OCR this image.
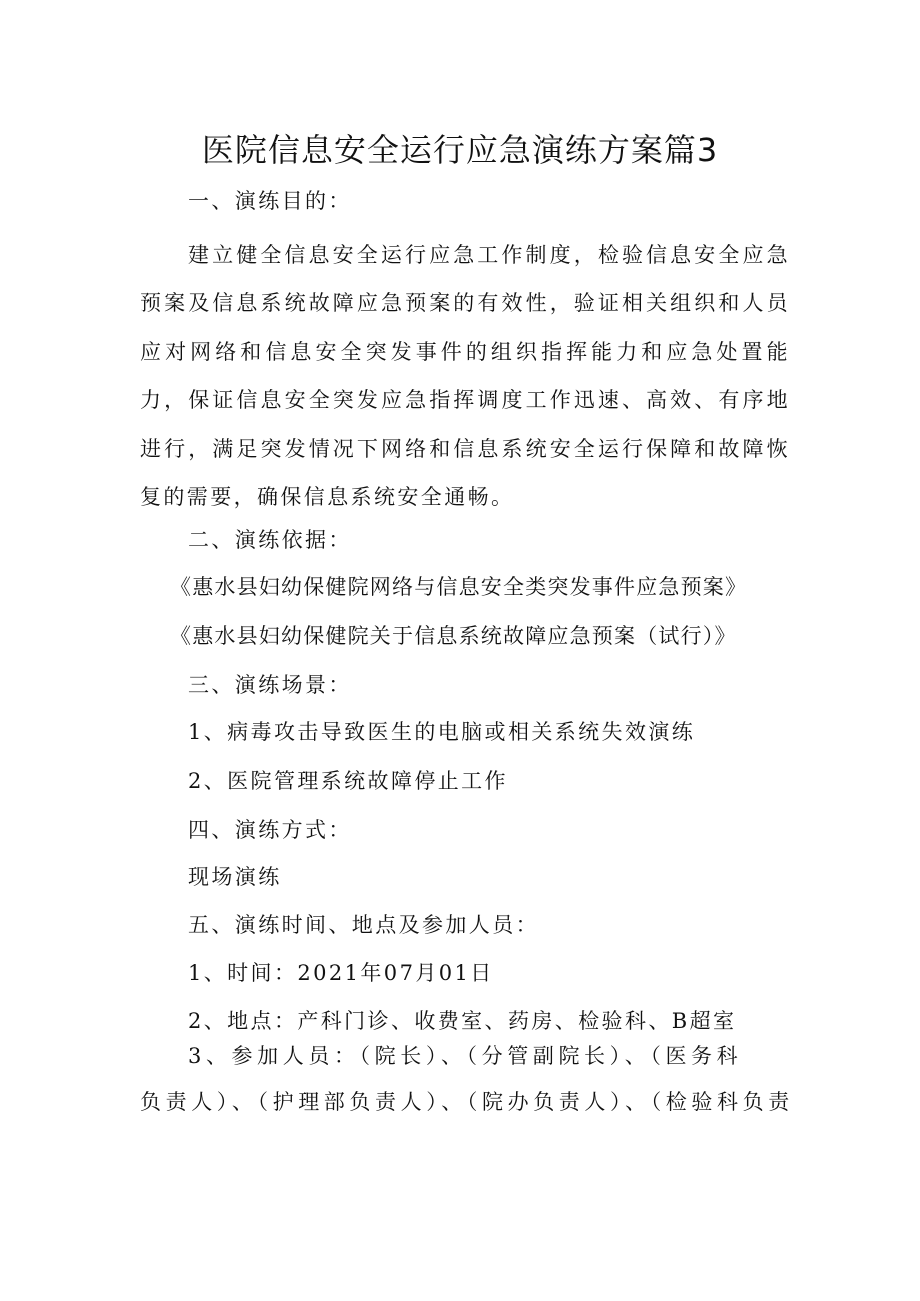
医院信息安全运行应急演练方案篇3
一、演练目的：

建立健全信息安全运行应急工作制度，检验信息安全应急预案及信息系统故障应急预案的有效性，验证相关组织和人员应对网络和信息安全突发事件的组织指挥能力和应急处置能力，保证信息安全突发应急指挥调度工作迅速、高效、有序地进行，满足突发情况下网络和信息系统安全运行保障和故障恢复的需要，确保信息系统安全通畅。

二、演练依据：
《惠水县妇幼保健院网络与信息安全类突发事件应急预案》
《惠水县妇幼保健院关于信息系统故障应急预案（试行）》
三、演练场景：
1、病毒攻击导致医生的电脑或相关系统失效演练
2、医院管理系统故障停止工作
四、演练方式：
现场演练
五、演练时间、地点及参加人员：
1、时间：2021年07月01日
2、地点：产科门诊、收费室、药房、检验科、B超室
3、参加人员：（院长）、（分管副院长）、（医务科
负责人）、（护理部负责人）、（院办负责人）、（检验科负责
